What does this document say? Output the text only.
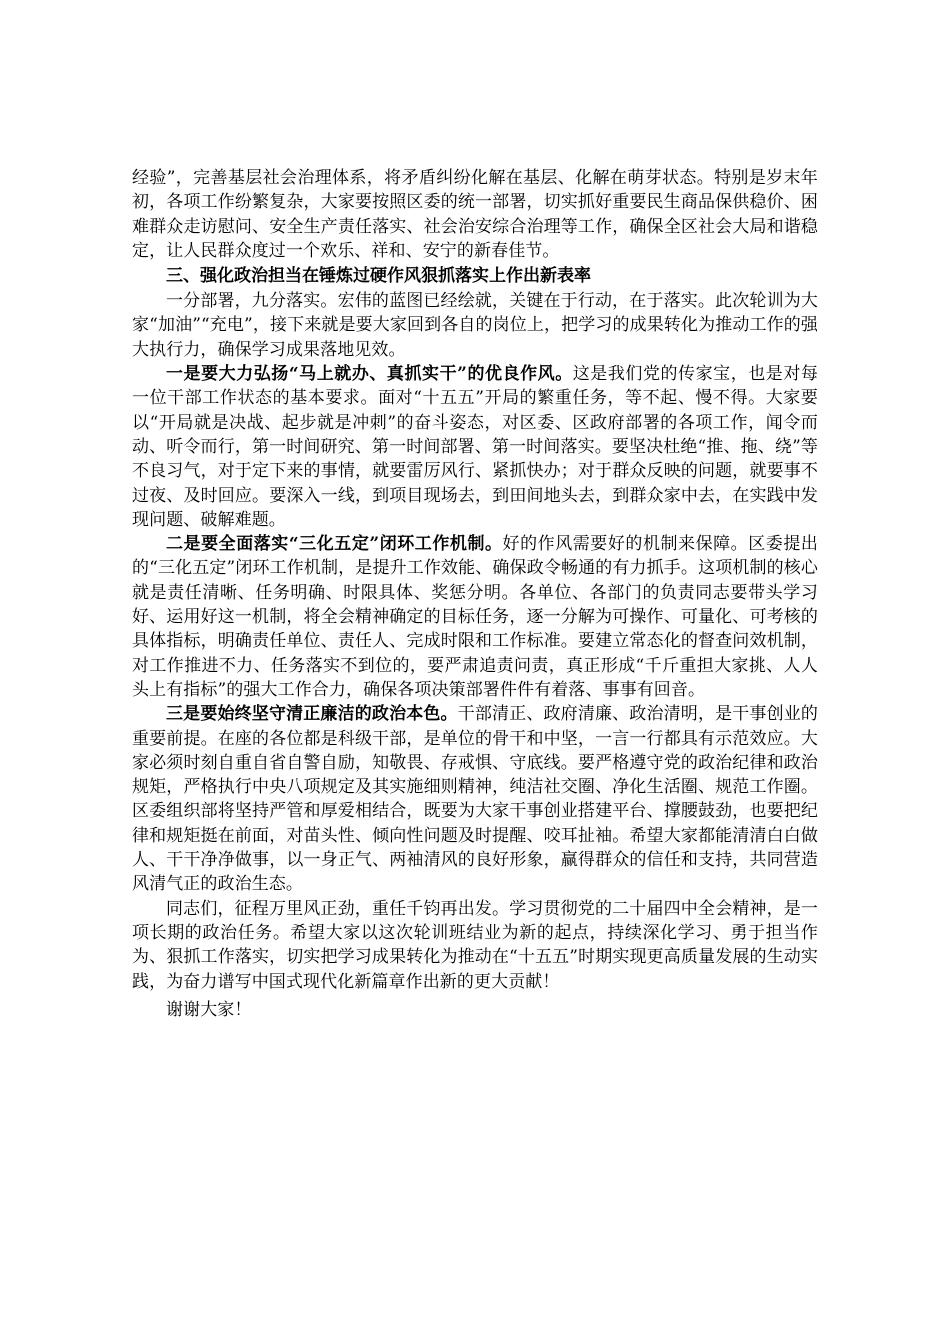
经验”，完善基层社会治理体系，将矛盾纠纷化解在基层、化解在萌芽状态。特别是岁末年初，各项工作纷繁复杂，大家要按照区委的统一部署，切实抓好重要民生商品保供稳价、困难群众走访慰问、安全生产责任落实、社会治安综合治理等工作，确保全区社会大局和谐稳定，让人民群众度过一个欢乐、祥和、安宁的新春佳节。

三、强化政治担当在锤炼过硬作风狠抓落实上作出新表率

一分部署，九分落实。宏伟的蓝图已经绘就，关键在于行动，在于落实。此次轮训为大家“加油”“充电”，接下来就是要大家回到各自的岗位上，把学习的成果转化为推动工作的强大执行力，确保学习成果落地见效。

一是要大力弘扬“马上就办、真抓实干”的优良作风。这是我们党的传家宝，也是对每一位干部工作状态的基本要求。面对“十五五”开局的繁重任务，等不起、慢不得。大家要以“开局就是决战、起步就是冲刺”的奋斗姿态，对区委、区政府部署的各项工作，闻令而动、听令而行，第一时间研究、第一时间部署、第一时间落实。要坚决杜绝“推、拖、绕”等不良习气，对于定下来的事情，就要雷厉风行、紧抓快办；对于群众反映的问题，就要事不过夜、及时回应。要深入一线，到项目现场去，到田间地头去，到群众家中去，在实践中发现问题、破解难题。

二是要全面落实“三化五定”闭环工作机制。好的作风需要好的机制来保障。区委提出的“三化五定”闭环工作机制，是提升工作效能、确保政令畅通的有力抓手。这项机制的核心就是责任清晰、任务明确、时限具体、奖惩分明。各单位、各部门的负责同志要带头学习好、运用好这一机制，将全会精神确定的目标任务，逐一分解为可操作、可量化、可考核的具体指标，明确责任单位、责任人、完成时限和工作标准。要建立常态化的督查问效机制，对工作推进不力、任务落实不到位的，要严肃追责问责，真正形成“千斤重担大家挑、人人头上有指标”的强大工作合力，确保各项决策部署件件有着落、事事有回音。

三是要始终坚守清正廉洁的政治本色。干部清正、政府清廉、政治清明，是干事创业的重要前提。在座的各位都是科级干部，是单位的骨干和中坚，一言一行都具有示范效应。大家必须时刻自重自省自警自励，知敬畏、存戒惧、守底线。要严格遵守党的政治纪律和政治规矩，严格执行中央八项规定及其实施细则精神，纯洁社交圈、净化生活圈、规范工作圈。区委组织部将坚持严管和厚爱相结合，既要为大家干事创业搭建平台、撑腰鼓劲，也要把纪律和规矩挺在前面，对苗头性、倾向性问题及时提醒、咬耳扯袖。希望大家都能清清白白做人、干干净净做事，以一身正气、两袖清风的良好形象，赢得群众的信任和支持，共同营造风清气正的政治生态。

同志们，征程万里风正劲，重任千钧再出发。学习贯彻党的二十届四中全会精神，是一项长期的政治任务。希望大家以这次轮训班结业为新的起点，持续深化学习、勇于担当作为、狠抓工作落实，切实把学习成果转化为推动在“十五五”时期实现更高质量发展的生动实践，为奋力谱写中国式现代化新篇章作出新的更大贡献！

谢谢大家！
